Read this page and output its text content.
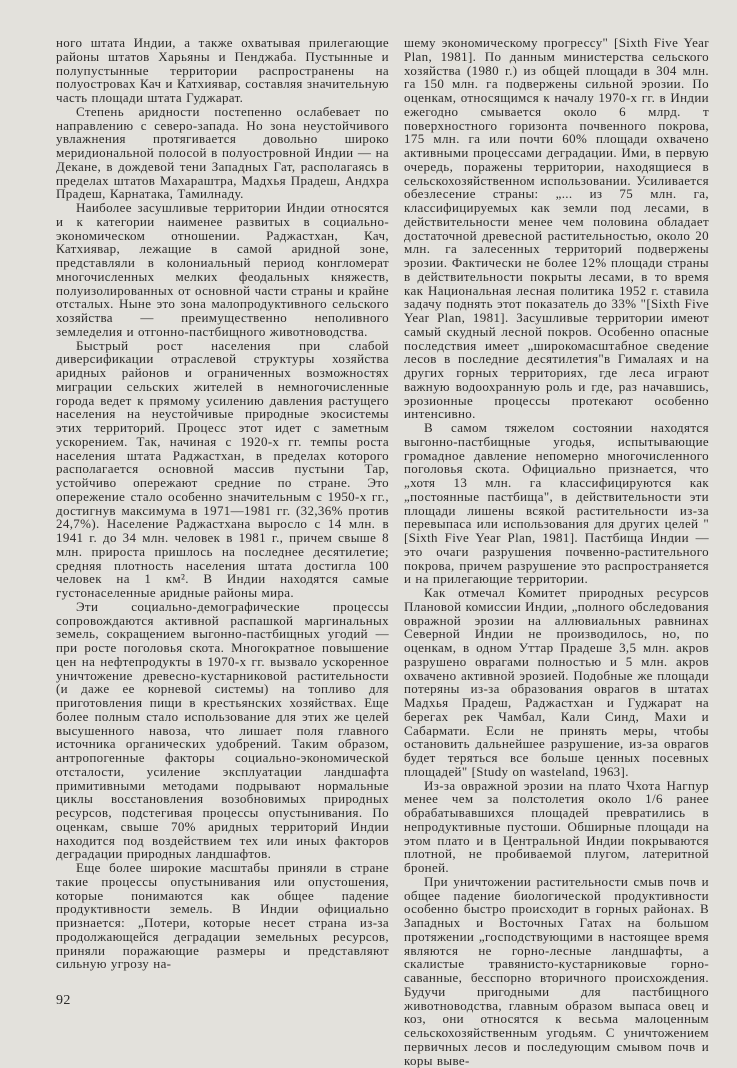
ного штата Индии, а также охватывая прилегающие районы штатов Харьяны и Пенджаба. Пустынные и полупустынные территории распространены на полуостровах Кач и Катхиявар, составляя значительную часть площади штата Гуджарат.

Степень аридности постепенно ослабевает по направлению с северо-запада. Но зона неустойчивого увлажнения протягивается довольно широко меридиональной полосой в полуостровной Индии — на Декане, в дождевой тени Западных Гат, располагаясь в пределах штатов Махараштра, Мадхья Прадеш, Андхра Прадеш, Карнатака, Тамилнаду.

Наиболее засушливые территории Индии относятся и к категории наименее развитых в социально-экономическом отношении. Раджастхан, Кач, Катхиявар, лежащие в самой аридной зоне, представляли в колониальный период конгломерат многочисленных мелких феодальных княжеств, полуизолированных от основной части страны и крайне отсталых. Ныне это зона малопродуктивного сельского хозяйства — преимущественно неполивного земледелия и отгонно-пастбищного животноводства.

Быстрый рост населения при слабой диверсификации отраслевой структуры хозяйства аридных районов и ограниченных возможностях миграции сельских жителей в немногочисленные города ведет к прямому усилению давления растущего населения на неустойчивые природные экосистемы этих территорий. Процесс этот идет с заметным ускорением. Так, начиная с 1920-х гг. темпы роста населения штата Раджастхан, в пределах которого располагается основной массив пустыни Тар, устойчиво опережают средние по стране. Это опережение стало особенно значительным с 1950-х гг., достигнув максимума в 1971—1981 гг. (32,36% против 24,7%). Население Раджастхана выросло с 14 млн. в 1941 г. до 34 млн. человек в 1981 г., причем свыше 8 млн. прироста пришлось на последнее десятилетие; средняя плотность населения штата достигла 100 человек на 1 км². В Индии находятся самые густонаселенные аридные районы мира.

Эти социально-демографические процессы сопровождаются активной распашкой маргинальных земель, сокращением выгонно-пастбищных угодий — при росте поголовья скота. Многократное повышение цен на нефтепродукты в 1970-х гг. вызвало ускоренное уничтожение древесно-кустарниковой растительности (и даже ее корневой системы) на топливо для приготовления пищи в крестьянских хозяйствах. Еще более полным стало использование для этих же целей высушенного навоза, что лишает поля главного источника органических удобрений. Таким образом, антропогенные факторы социально-экономической отсталости, усиление эксплуатации ландшафта примитивными методами подрывают нормальные циклы восстановления возобновимых природных ресурсов, подстегивая процессы опустынивания. По оценкам, свыше 70% аридных территорий Индии находится под воздействием тех или иных факторов деградации природных ландшафтов.

Еще более широкие масштабы приняли в стране такие процессы опустынивания или опустошения, которые понимаются как общее падение продуктивности земель. В Индии официально признается: „Потери, которые несет страна из-за продолжающейся деградации земельных ресурсов, приняли поражающие размеры и представляют сильную угрозу на-

92

шему экономическому прогрессу" [Sixth Five Year Plan, 1981]. По данным министерства сельского хозяйства (1980 г.) из общей площади в 304 млн. га 150 млн. га подвержены сильной эрозии. По оценкам, относящимся к началу 1970-х гг. в Индии ежегодно смывается около 6 млрд. т поверхностного горизонта почвенного покрова, 175 млн. га или почти 60% площади охвачено активными процессами деградации. Ими, в первую очередь, поражены территории, находящиеся в сельскохозяйственном использовании. Усиливается обезлесение страны: „... из 75 млн. га, классифицируемых как земли под лесами, в действительности менее чем половина обладает достаточной древесной растительностью, около 20 млн. га залесенных территорий подвержены эрозии. Фактически не более 12% площади страны в действительности покрыты лесами, в то время как Национальная лесная политика 1952 г. ставила задачу поднять этот показатель до 33% "[Sixth Five Year Plan, 1981]. Засушливые территории имеют самый скудный лесной покров. Особенно опасные последствия имеет „широкомасштабное сведение лесов в последние десятилетия"в Гималаях и на других горных территориях, где леса играют важную водоохранную роль и где, раз начавшись, эрозионные процессы протекают особенно интенсивно.

В самом тяжелом состоянии находятся выгонно-пастбищные угодья, испытывающие громадное давление непомерно многочисленного поголовья скота. Официально признается, что „хотя 13 млн. га классифицируются как „постоянные пастбища", в действительности эти площади лишены всякой растительности из-за перевыпаса или использования для других целей "[Sixth Five Year Plan, 1981]. Пастбища Индии — это очаги разрушения почвенно-растительного покрова, причем разрушение это распространяется и на прилегающие территории.

Как отмечал Комитет природных ресурсов Плановой комиссии Индии, „полного обследования овражной эрозии на аллювиальных равнинах Северной Индии не производилось, но, по оценкам, в одном Уттар Прадеше 3,5 млн. акров разрушено оврагами полностью и 5 млн. акров охвачено активной эрозией. Подобные же площади потеряны из-за образования оврагов в штатах Мадхья Прадеш, Раджастхан и Гуджарат на берегах рек Чамбал, Кали Синд, Махи и Сабармати. Если не принять меры, чтобы остановить дальнейшее разрушение, из-за оврагов будет теряться все больше ценных посевных площадей" [Study on wasteland, 1963].

Из-за овражной эрозии на плато Чхота Нагпур менее чем за полстолетия около 1/6 ранее обрабатывавшихся площадей превратились в непродуктивные пустоши. Обширные площади на этом плато и в Центральной Индии покрываются плотной, не пробиваемой плугом, латеритной броней.

При уничтожении растительности смыв почв и общее падение биологической продуктивности особенно быстро происходит в горных районах. В Западных и Восточных Гатах на большом протяжении „господствующими в настоящее время являются не горно-лесные ландшафты, а скалистые травянисто-кустарниковые горно-саванные, бесспорно вторичного происхождения. Будучи пригодными для пастбищного животноводства, главным образом выпаса овец и коз, они относятся к весьма малоценным сельскохозяйственным угодьям. С уничтожением первичных лесов и последующим смывом почв и коры выве-
